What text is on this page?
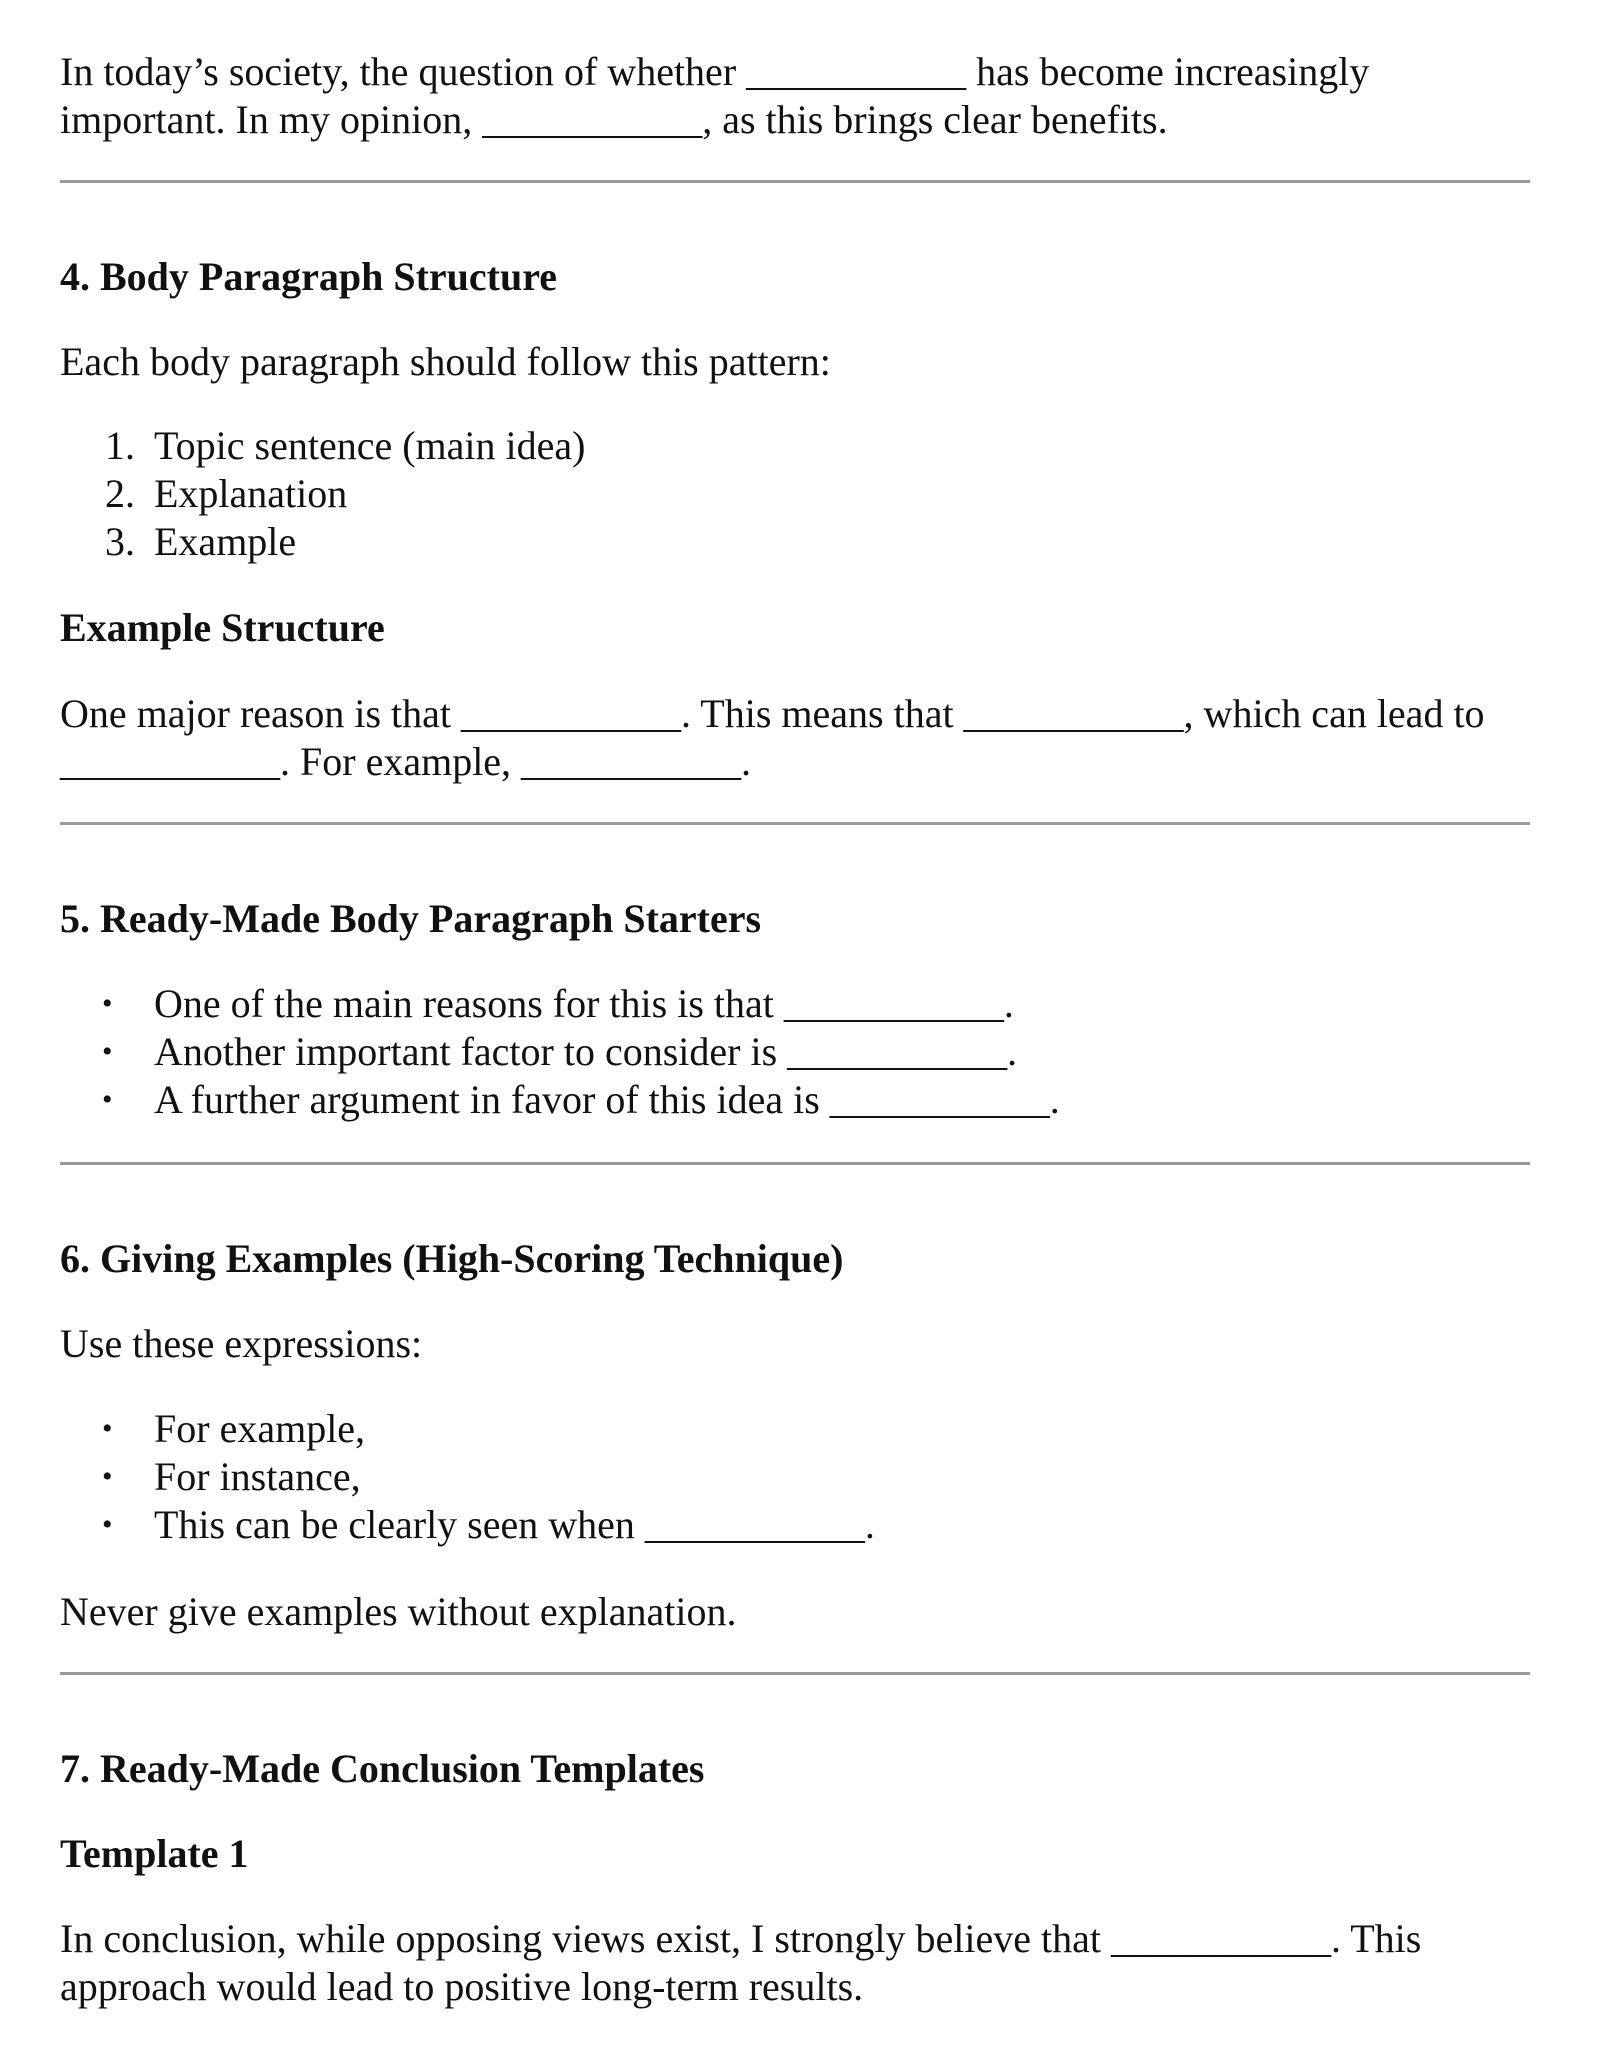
In today’s society, the question of whether ___________ has become increasingly

important. In my opinion, ___________, as this brings clear benefits.

4. Body Paragraph Structure

Each body paragraph should follow this pattern:

1. Topic sentence (main idea)
2. Explanation
3. Example
Example Structure

One major reason is that ___________. This means that ___________, which can lead to

___________. For example, ___________.

5. Ready-Made Body Paragraph Starters
• One of the main reasons for this is that ___________.
• Another important factor to consider is ___________.
• A further argument in favor of this idea is ___________.
6. Giving Examples (High-Scoring Technique)

Use these expressions:

• For example,
• For instance,
• This can be clearly seen when ___________.

Never give examples without explanation.

7. Ready-Made Conclusion Templates
Template 1

In conclusion, while opposing views exist, I strongly believe that ___________. This

approach would lead to positive long-term results.
